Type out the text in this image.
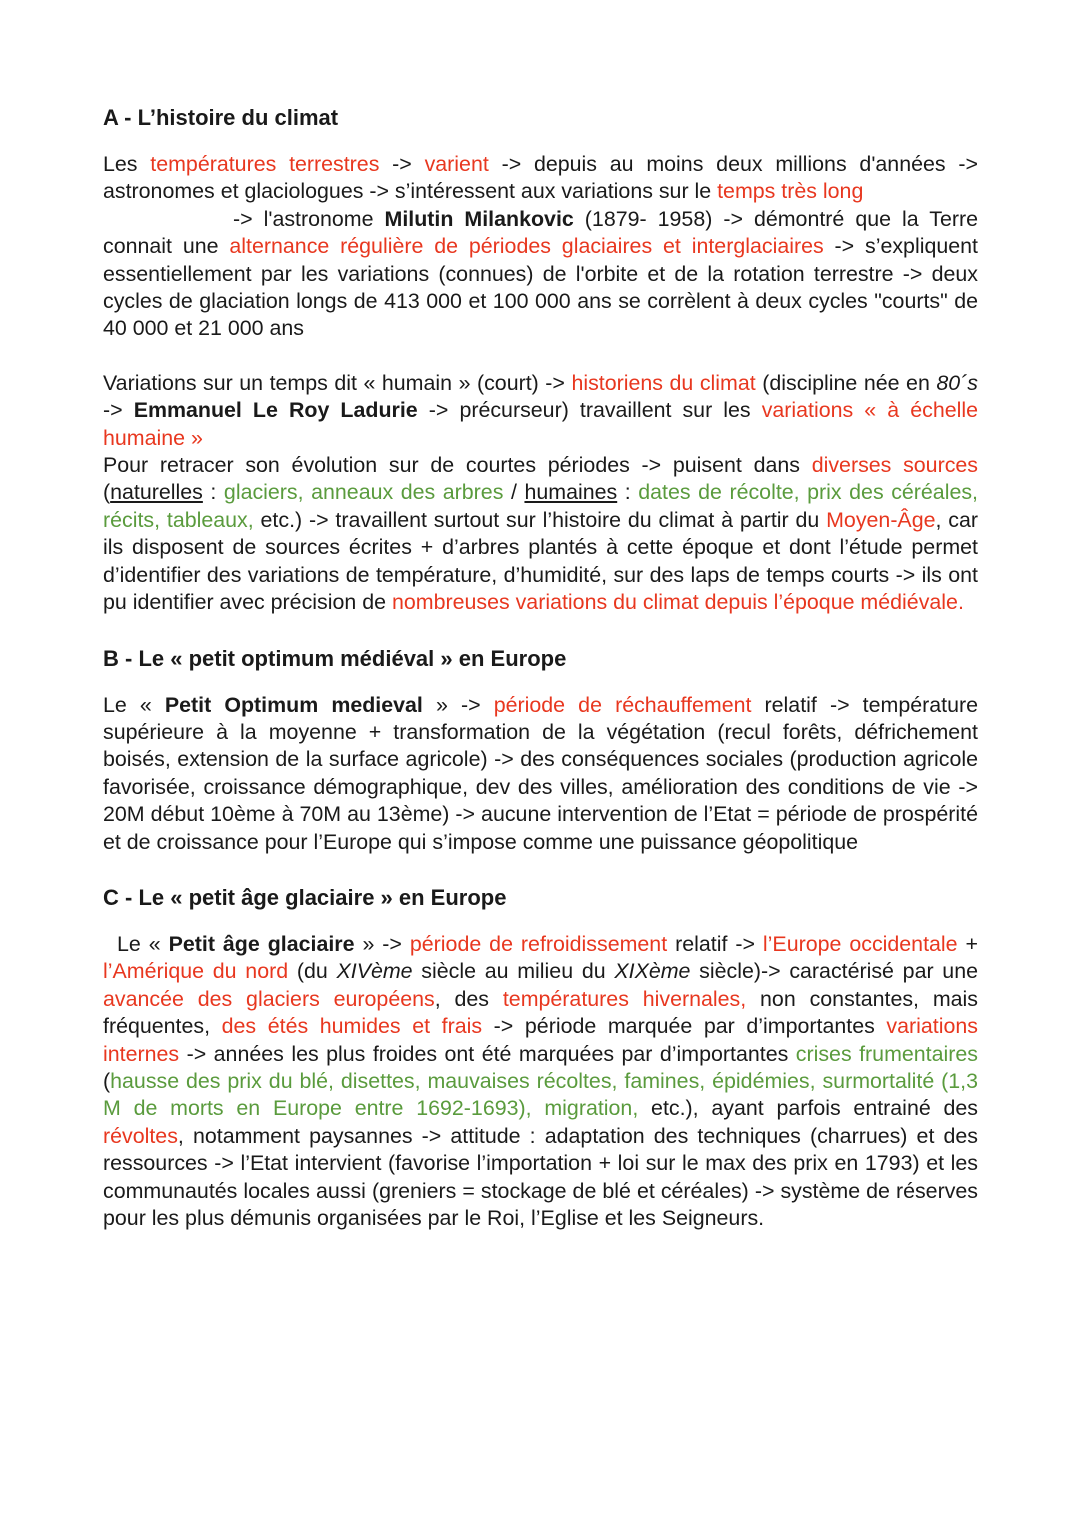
A - L’histoire du climat

Les températures terrestres -> varient -> depuis au moins deux millions d'années -> astronomes et glaciologues -> s’intéressent aux variations sur le temps très long

-> l'astronome Milutin Milankovic (1879- 1958) -> démontré que la Terre connait une alternance régulière de périodes glaciaires et interglaciaires -> s’expliquent essentiellement par les variations (connues) de l'orbite et de la rotation terrestre -> deux cycles de glaciation longs de 413 000 et 100 000 ans se corrèlent à deux cycles "courts" de 40 000 et 21 000 ans

Variations sur un temps dit « humain » (court) -> historiens du climat (discipline née en 80´s -> Emmanuel Le Roy Ladurie -> précurseur) travaillent sur les variations « à échelle humaine »

Pour retracer son évolution sur de courtes périodes -> puisent dans diverses sources (naturelles : glaciers, anneaux des arbres / humaines : dates de récolte, prix des céréales, récits, tableaux, etc.) -> travaillent surtout sur l’histoire du climat à partir du Moyen-Âge, car ils disposent de sources écrites + d’arbres plantés à cette époque et dont l’étude permet d’identifier des variations de température, d’humidité, sur des laps de temps courts -> ils ont pu identifier avec précision de nombreuses variations du climat depuis l’époque médiévale.

B - Le « petit optimum médiéval » en Europe

Le « Petit Optimum medieval » -> période de réchauffement relatif -> température supérieure à la moyenne + transformation de la végétation (recul forêts, défrichement boisés, extension de la surface agricole) -> des conséquences sociales (production agricole favorisée, croissance démographique, dev des villes, amélioration des conditions de vie -> 20M début 10ème à 70M au 13ème) -> aucune intervention de l’Etat = période de prospérité et de croissance pour l’Europe qui s’impose comme une puissance géopolitique

C - Le « petit âge glaciaire » en Europe

Le « Petit âge glaciaire » -> période de refroidissement relatif -> l’Europe occidentale + l’Amérique du nord (du XIVème siècle au milieu du XIXème siècle)-> caractérisé par une avancée des glaciers européens, des températures hivernales, non constantes, mais fréquentes, des étés humides et frais -> période marquée par d’importantes variations internes -> années les plus froides ont été marquées par d’importantes crises frumentaires (hausse des prix du blé, disettes, mauvaises récoltes, famines, épidémies, surmortalité (1,3 M de morts en Europe entre 1692-1693), migration, etc.), ayant parfois entrainé des révoltes, notamment paysannes -> attitude : adaptation des techniques (charrues) et des ressources -> l’Etat intervient (favorise l’importation + loi sur le max des prix en 1793) et les communautés locales aussi (greniers = stockage de blé et céréales) -> système de réserves pour les plus démunis organisées par le Roi, l’Eglise et les Seigneurs.
